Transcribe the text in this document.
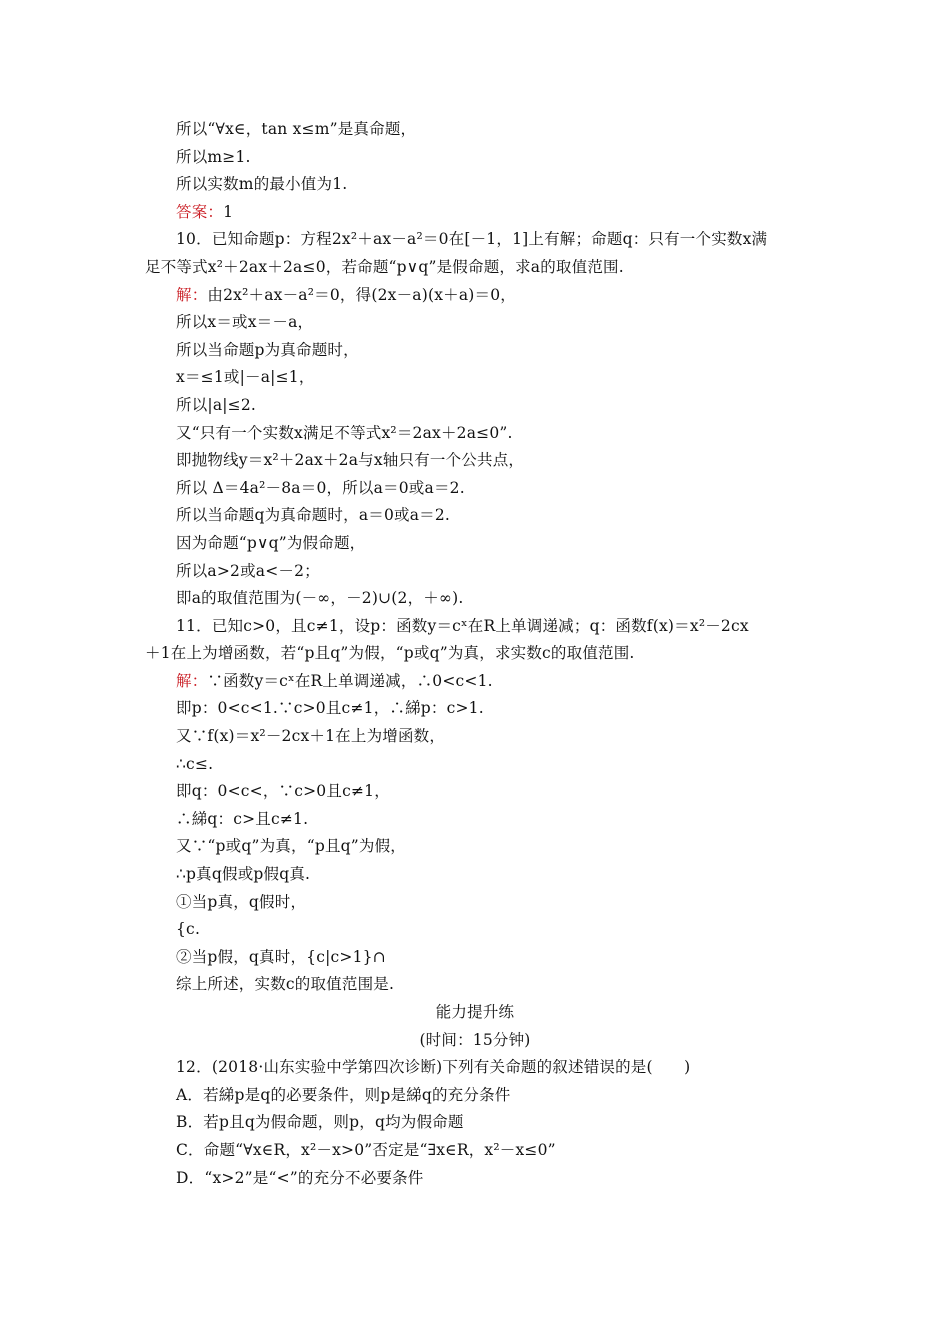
所以“∀x∈，tan x≤m”是真命题，
所以m≥1.
所以实数m的最小值为1.
答案：1
10．已知命题p：方程2x²＋ax－a²＝0在[－1，1]上有解；命题q：只有一个实数x满
足不等式x²＋2ax＋2a≤0，若命题“p∨q”是假命题，求a的取值范围.
解：由2x²＋ax－a²＝0，得(2x－a)(x＋a)＝0，
所以x＝或x＝－a，
所以当命题p为真命题时，
x＝≤1或|－a|≤1，
所以|a|≤2.
又“只有一个实数x满足不等式x²＝2ax＋2a≤0”.
即抛物线y＝x²＋2ax＋2a与x轴只有一个公共点，
所以 Δ＝4a²－8a＝0，所以a＝0或a＝2.
所以当命题q为真命题时，a＝0或a＝2.
因为命题“p∨q”为假命题，
所以a>2或a<－2；
即a的取值范围为(－∞，－2)∪(2，＋∞).
11．已知c>0，且c≠1，设p：函数y＝cˣ在R上单调递减；q：函数f(x)＝x²－2cx
＋1在上为增函数，若“p且q”为假，“p或q”为真，求实数c的取值范围.
解：∵函数y＝cˣ在R上单调递减，∴0<c<1.
即p：0<c<1.∵c>0且c≠1，∴綈p：c>1.
又∵f(x)＝x²－2cx＋1在上为增函数，
∴c≤.
即q：0<c<，∵c>0且c≠1，
∴綈q：c>且c≠1.
又∵“p或q”为真，“p且q”为假，
∴p真q假或p假q真.
①当p真，q假时，
{c.
②当p假，q真时，{c|c>1}∩
综上所述，实数c的取值范围是.
能力提升练
(时间：15分钟)
12．(2018·山东实验中学第四次诊断)下列有关命题的叙述错误的是(　　)
A．若綈p是q的必要条件，则p是綈q的充分条件
B．若p且q为假命题，则p，q均为假命题
C．命题“∀x∈R，x²－x>0”否定是“∃x∈R，x²－x≤0”
D．“x>2”是“<”的充分不必要条件
